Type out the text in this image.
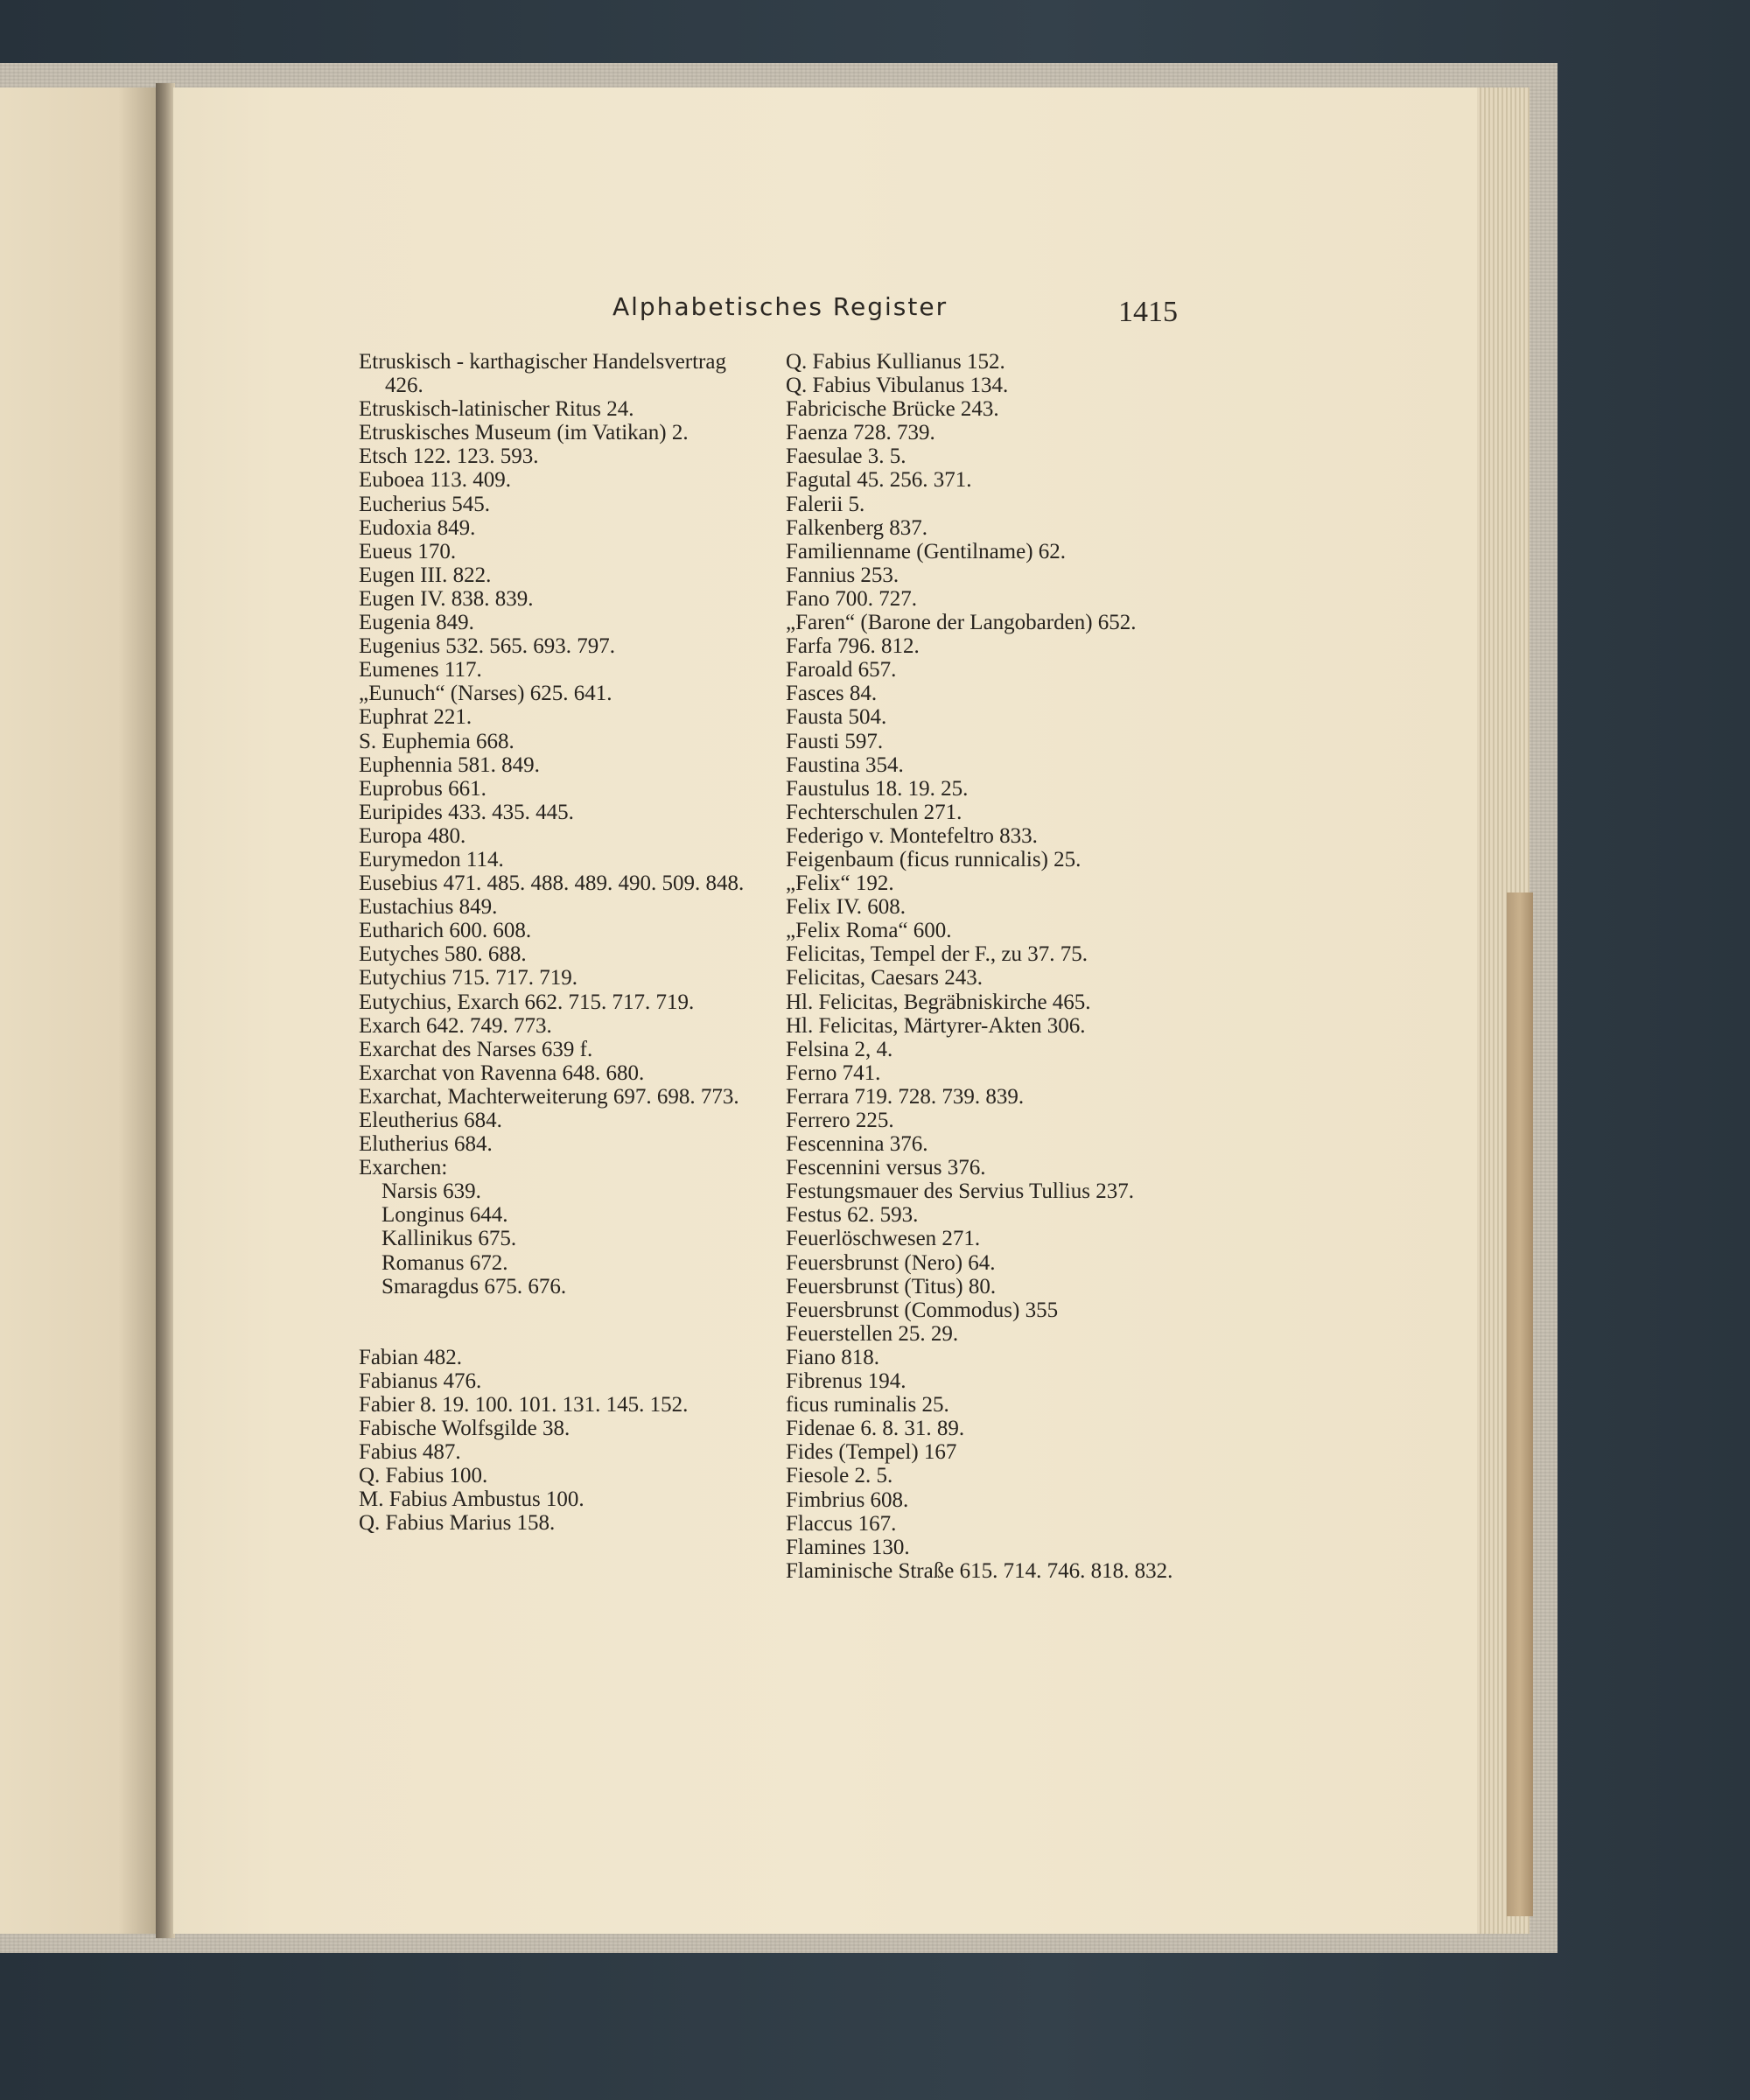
Alphabetisches Register	1415
Etruskisch - karthagischer Handelsvertrag 426.
Etruskisch-latinischer Ritus 24.
Etruskisches Museum (im Vatikan) 2.
Etsch 122. 123. 593.
Euboea 113. 409.
Eucherius 545.
Eudoxia 849.
Eueus 170.
Eugen III. 822.
Eugen IV. 838. 839.
Eugenia 849.
Eugenius 532. 565. 693. 797.
Eumenes 117.
„Eunuch“ (Narses) 625. 641.
Euphrat 221.
S. Euphemia 668.
Euphennia 581. 849.
Euprobus 661.
Euripides 433. 435. 445.
Europa 480.
Eurymedon 114.
Eusebius 471. 485. 488. 489. 490. 509. 848.
Eustachius 849.
Eutharich 600. 608.
Eutyches 580. 688.
Eutychius 715. 717. 719.
Eutychius, Exarch 662. 715. 717. 719.
Exarch 642. 749. 773.
Exarchat des Narses 639 f.
Exarchat von Ravenna 648. 680.
Exarchat, Machterweiterung 697. 698. 773.
Eleutherius 684.
Elutherius 684.
Exarchen:
Narsis 639.
Longinus 644.
Kallinikus 675.
Romanus 672.
Smaragdus 675. 676.
Fabian 482.
Fabianus 476.
Fabier 8. 19. 100. 101. 131. 145. 152.
Fabische Wolfsgilde 38.
Fabius 487.
Q. Fabius 100.
M. Fabius Ambustus 100.
Q. Fabius Marius 158.
Q. Fabius Kullianus 152.
Q. Fabius Vibulanus 134.
Fabricische Brücke 243.
Faenza 728. 739.
Faesulae 3. 5.
Fagutal 45. 256. 371.
Falerii 5.
Falkenberg 837.
Familienname (Gentilname) 62.
Fannius 253.
Fano 700. 727.
„Faren“ (Barone der Langobarden) 652.
Farfa 796. 812.
Faroald 657.
Fasces 84.
Fausta 504.
Fausti 597.
Faustina 354.
Faustulus 18. 19. 25.
Fechterschulen 271.
Federigo v. Montefeltro 833.
Feigenbaum (ficus runnicalis) 25.
„Felix“ 192.
Felix IV. 608.
„Felix Roma“ 600.
Felicitas, Tempel der F., zu 37. 75.
Felicitas, Caesars 243.
Hl. Felicitas, Begräbniskirche 465.
Hl. Felicitas, Märtyrer-Akten 306.
Felsina 2, 4.
Ferno 741.
Ferrara 719. 728. 739. 839.
Ferrero 225.
Fescennina 376.
Fescennini versus 376.
Festungsmauer des Servius Tullius 237.
Festus 62. 593.
Feuerlöschwesen 271.
Feuersbrunst (Nero) 64.
Feuersbrunst (Titus) 80.
Feuersbrunst (Commodus) 355
Feuerstellen 25. 29.
Fiano 818.
Fibrenus 194.
ficus ruminalis 25.
Fidenae 6. 8. 31. 89.
Fides (Tempel) 167
Fiesole 2. 5.
Fimbrius 608.
Flaccus 167.
Flamines 130.
Flaminische Straße 615. 714. 746. 818. 832.
